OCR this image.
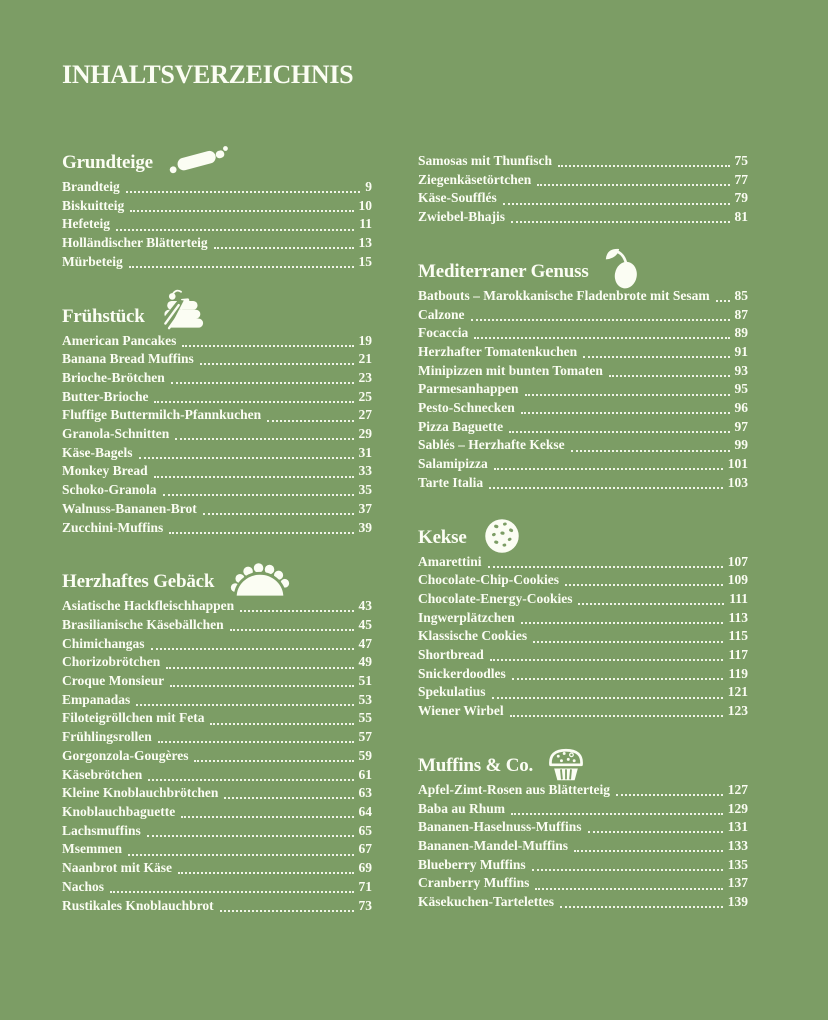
INHALTSVERZEICHNIS
Grundteige
Brandteig	9
Biskuitteig	10
Hefeteig	11
Holländischer Blätterteig	13
Mürbeteig	15
Frühstück
American Pancakes	19
Banana Bread Muffins	21
Brioche-Brötchen	23
Butter-Brioche	25
Fluffige Buttermilch-Pfannkuchen	27
Granola-Schnitten	29
Käse-Bagels	31
Monkey Bread	33
Schoko-Granola	35
Walnuss-Bananen-Brot	37
Zucchini-Muffins	39
Herzhaftes Gebäck
Asiatische Hackfleischhappen	43
Brasilianische Käsebällchen	45
Chimichangas	47
Chorizobrötchen	49
Croque Monsieur	51
Empanadas	53
Filoteigröllchen mit Feta	55
Frühlingsrollen	57
Gorgonzola-Gougères	59
Käsebrötchen	61
Kleine Knoblauchbrötchen	63
Knoblauchbaguette	64
Lachsmuffins	65
Msemmen	67
Naanbrot mit Käse	69
Nachos	71
Rustikales Knoblauchbrot	73
Samosas mit Thunfisch	75
Ziegenkäsetörtchen	77
Käse-Soufflés	79
Zwiebel-Bhajis	81
Mediterraner Genuss
Batbouts – Marokkanische Fladenbrote mit Sesam 85
Calzone	87
Focaccia	89
Herzhafter Tomatenkuchen	91
Minipizzen mit bunten Tomaten	93
Parmesanhappen	95
Pesto-Schnecken	96
Pizza Baguette	97
Sablés – Herzhafte Kekse	99
Salamipizza	101
Tarte Italia	103
Kekse
Amarettini	107
Chocolate-Chip-Cookies	109
Chocolate-Energy-Cookies	111
Ingwerplätzchen	113
Klassische Cookies	115
Shortbread	117
Snickerdoodles	119
Spekulatius	121
Wiener Wirbel	123
Muffins & Co.
Apfel-Zimt-Rosen aus Blätterteig	127
Baba au Rhum	129
Bananen-Haselnuss-Muffins	131
Bananen-Mandel-Muffins	133
Blueberry Muffins	135
Cranberry Muffins	137
Käsekuchen-Tartelettes	139
